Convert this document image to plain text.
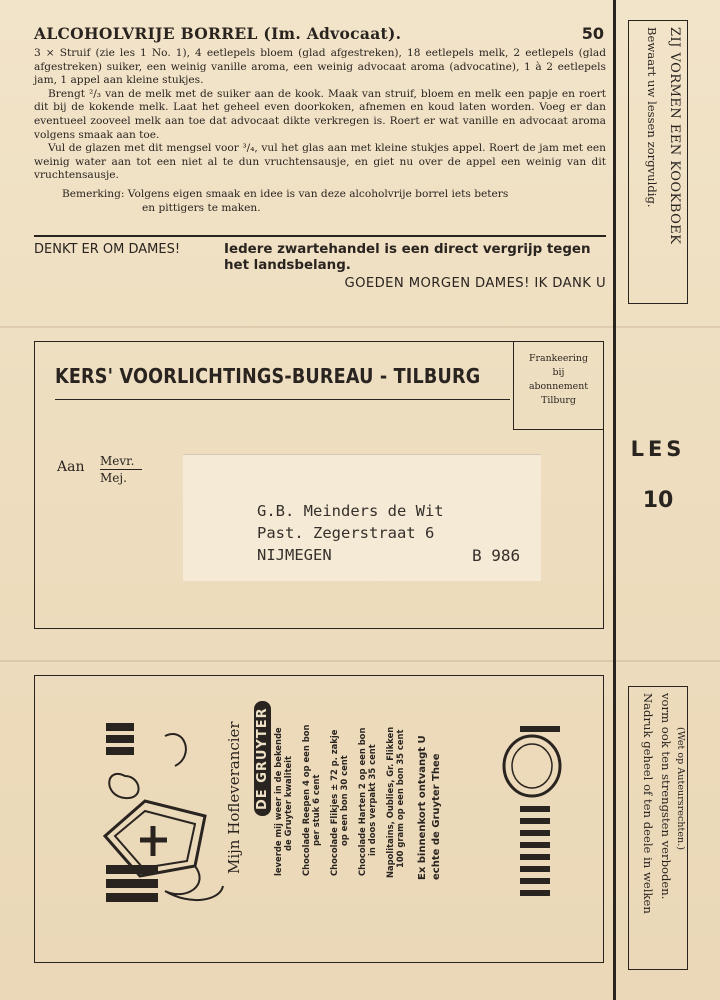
ALCOHOLVRIJE BORREL (Im. Advocaat).	50

3 × Struif (zie les 1 No. 1), 4 eetlepels bloem (glad afgestreken), 18 eetlepels melk, 2 eetlepels (glad afgestreken) suiker, een weinig vanille aroma, een weinig advocaat aroma (advocatine), 1 à 2 eetlepels jam, 1 appel aan kleine stukjes.

Brengt ²/₃ van de melk met de suiker aan de kook. Maak van struif, bloem en melk een papje en roert dit bij de kokende melk. Laat het geheel even doorkoken, afnemen en koud laten worden. Voeg er dan eventueel zooveel melk aan toe dat advocaat dikte verkregen is. Roert er wat vanille en advocaat aroma volgens smaak aan toe.

Vul de glazen met dit mengsel voor ³/₄, vul het glas aan met kleine stukjes appel. Roert de jam met een weinig water aan tot een niet al te dun vruchtensausje, en giet nu over de appel een weinig van dit vruchtensausje.

Bemerking: Volgens eigen smaak en idee is van deze alcoholvrije borrel iets beters
en pittigers te maken.
DENKT ER OM DAMES!	Iedere zwartehandel is een direct vergrijp tegen het landsbelang.
GOEDEN MORGEN DAMES! IK DANK U
KERS' VOORLICHTINGS-BUREAU - TILBURG
Frankeering
bij
abonnement
Tilburg
Aan Mevr.
Mej.
G.B. Meinders de Wit
Past. Zegerstraat 6
NIJMEGEN	B 986
Mijn Hofleverancier DE GRUYTER leverde mij weer in de bekende de Gruyter kwaliteit Chocolade Reepen 4 op een bon per stuk 6 cent Chocolade Flikjes ± 72 p. zakje op een bon 30 cent Chocolade Harten 2 op een bon in doos verpakt 35 cent Napolitains, Oublies, Gr. Flikken 100 gram op een bon 35 cent Ex binnenkort ontvangt U echte de Gruyter Thee
Bewaart uw lessen zorgvuldig. ZIJ VORMEN EEN KOOKBOEK
LES
10
Nadruk geheel of ten deele in welken vorm ook ten strengsten verboden. (Wet op Auteursrechten.)
